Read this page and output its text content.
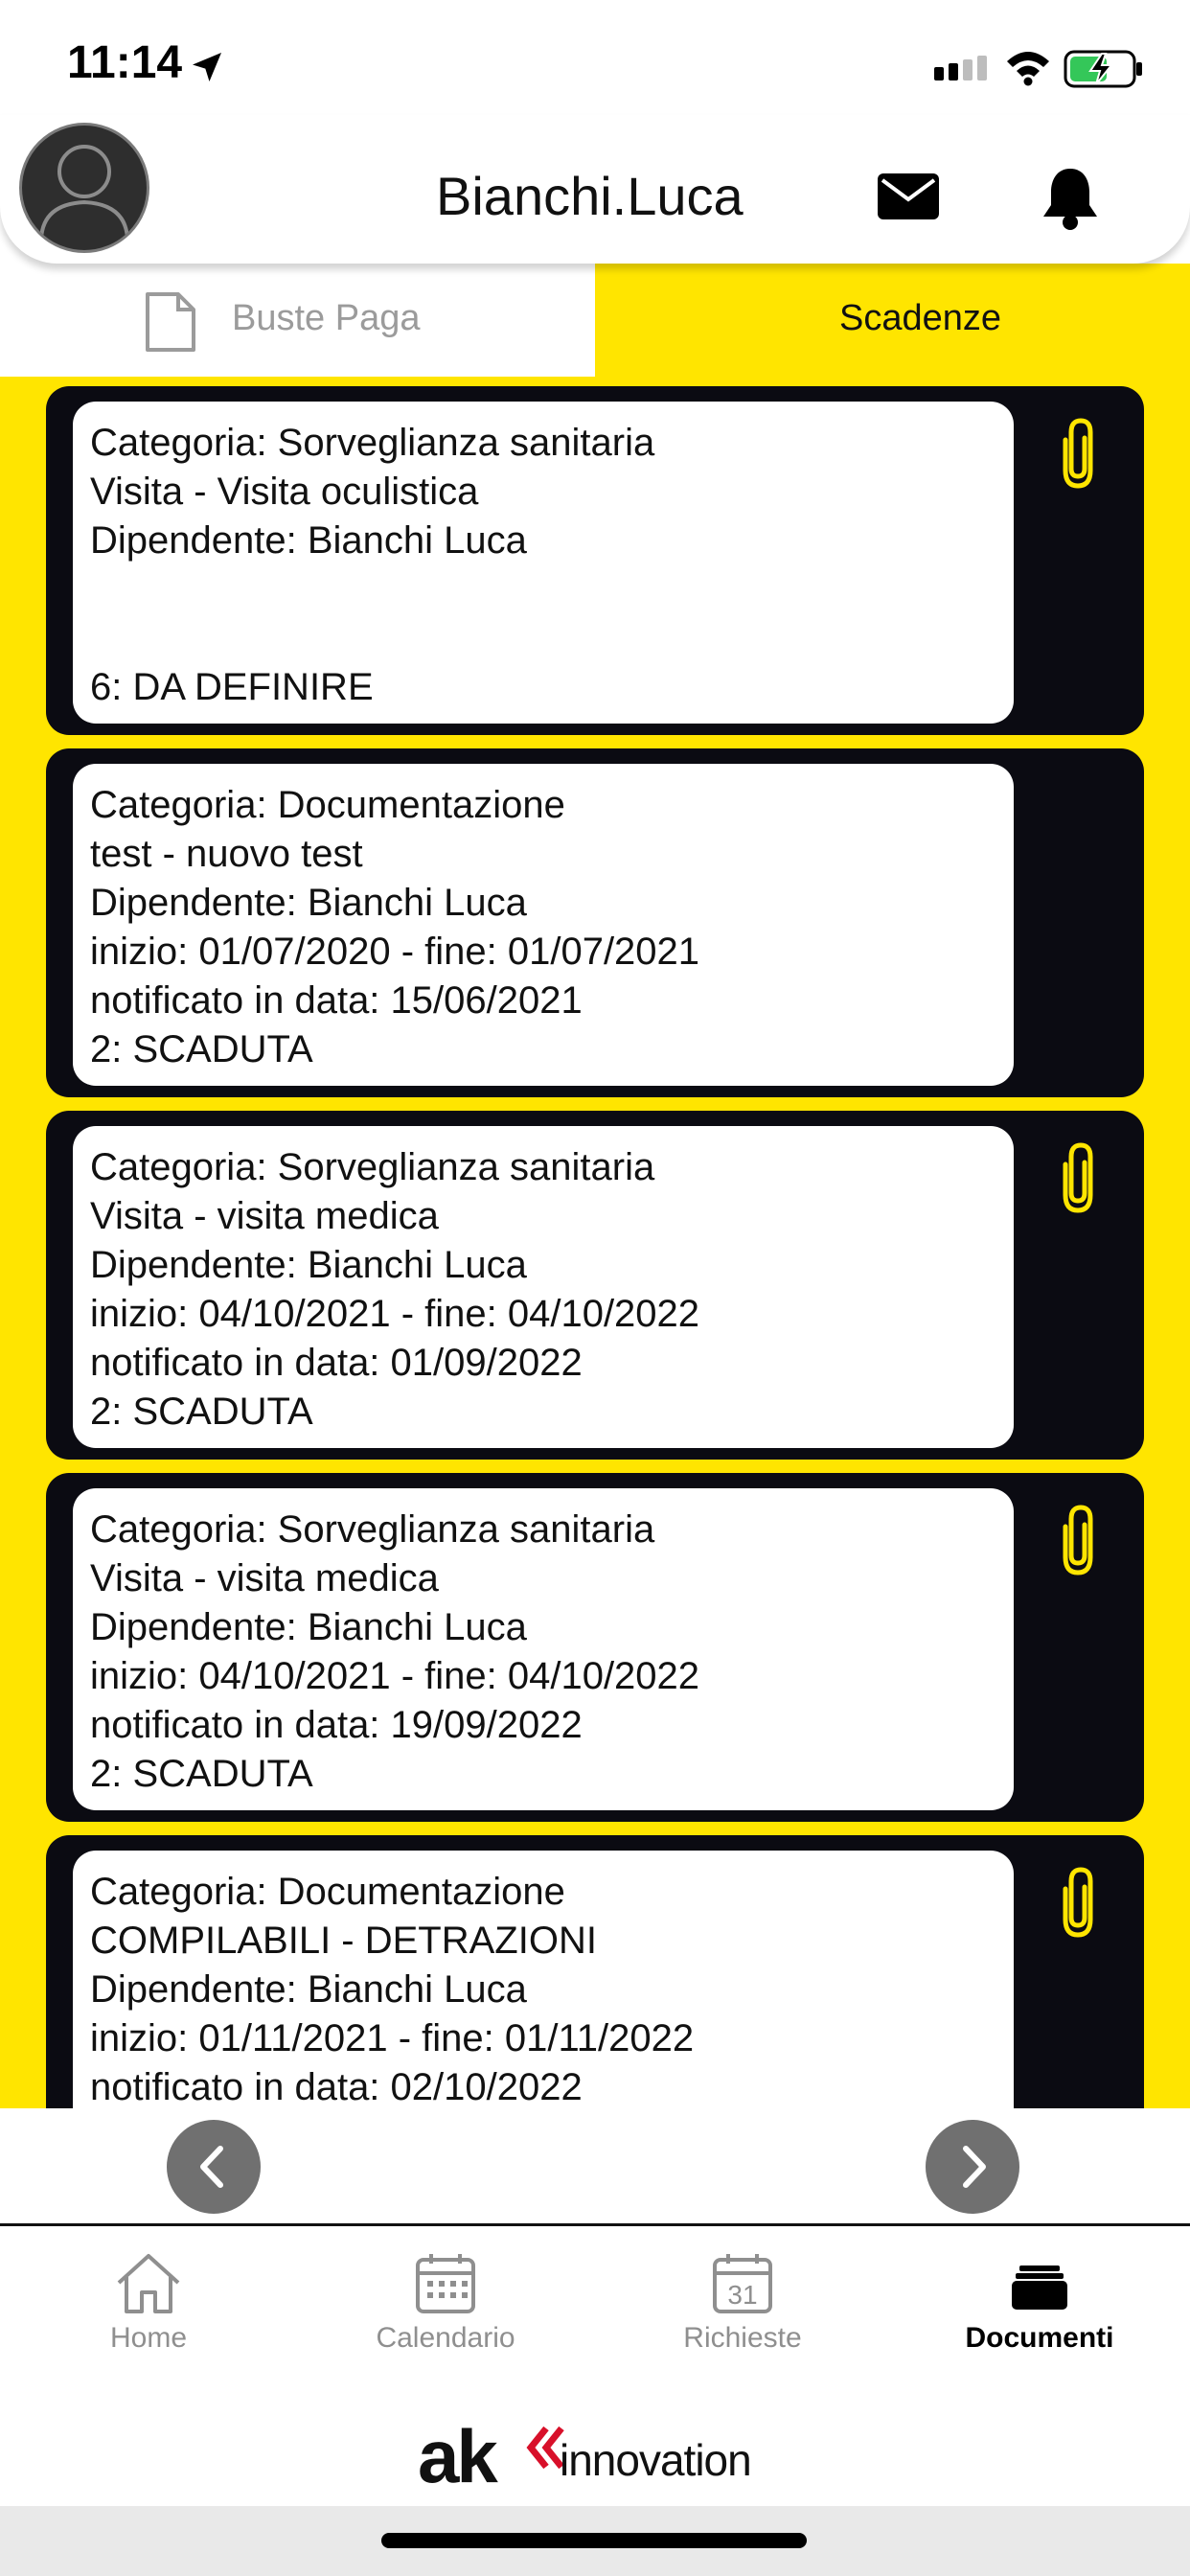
11:14
Bianchi.Luca
Buste Paga	Scadenze
Categoria: Sorveglianza sanitaria
Visita - Visita oculistica
Dipendente: Bianchi Luca

6: DA DEFINIRE
Categoria: Documentazione
test - nuovo test
Dipendente: Bianchi Luca
inizio: 01/07/2020 - fine: 01/07/2021
notificato in data: 15/06/2021
2: SCADUTA
Categoria: Sorveglianza sanitaria
Visita - visita medica
Dipendente: Bianchi Luca
inizio: 04/10/2021 - fine: 04/10/2022
notificato in data: 01/09/2022
2: SCADUTA
Categoria: Sorveglianza sanitaria
Visita - visita medica
Dipendente: Bianchi Luca
inizio: 04/10/2021 - fine: 04/10/2022
notificato in data: 19/09/2022
2: SCADUTA
Categoria: Documentazione
COMPILABILI - DETRAZIONI
Dipendente: Bianchi Luca
inizio: 01/11/2021 - fine: 01/11/2022
notificato in data: 02/10/2022
Home	Calendario
31
Richieste	Documenti
ak innovation
